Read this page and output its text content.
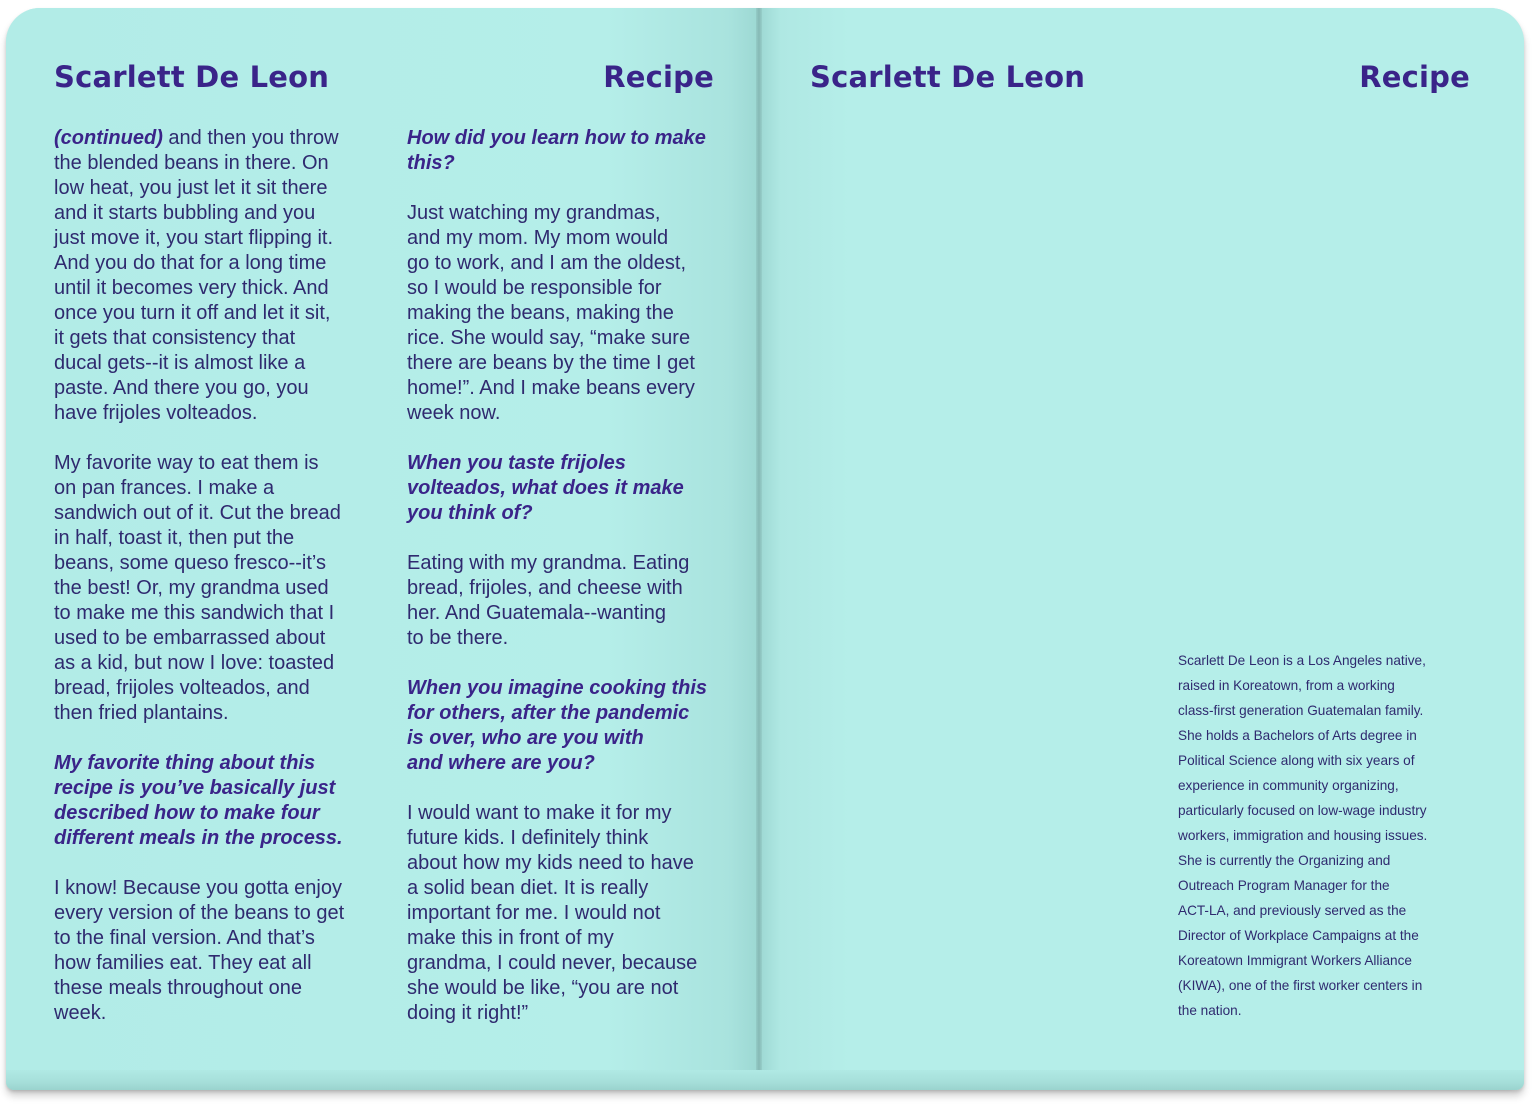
Scarlett De Leon	Recipe

(continued) and then you throw
the blended beans in there. On
low heat, you just let it sit there
and it starts bubbling and you
just move it, you start flipping it.
And you do that for a long time
until it becomes very thick. And
once you turn it off and let it sit,
it gets that consistency that
ducal gets--it is almost like a
paste. And there you go, you
have frijoles volteados.

My favorite way to eat them is
on pan frances. I make a
sandwich out of it. Cut the bread
in half, toast it, then put the
beans, some queso fresco--it’s
the best! Or, my grandma used
to make me this sandwich that I
used to be embarrassed about
as a kid, but now I love: toasted
bread, frijoles volteados, and
then fried plantains.

My favorite thing about this
recipe is you’ve basically just
described how to make four
different meals in the process.

I know! Because you gotta enjoy
every version of the beans to get
to the final version. And that’s
how families eat. They eat all
these meals throughout one
week.

How did you learn how to make
this?

Just watching my grandmas,
and my mom. My mom would
go to work, and I am the oldest,
so I would be responsible for
making the beans, making the
rice. She would say, “make sure
there are beans by the time I get
home!”. And I make beans every
week now.

When you taste frijoles
volteados, what does it make
you think of?

Eating with my grandma. Eating
bread, frijoles, and cheese with
her. And Guatemala--wanting
to be there.

When you imagine cooking this
for others, after the pandemic
is over, who are you with
and where are you?

I would want to make it for my
future kids. I definitely think
about how my kids need to have
a solid bean diet. It is really
important for me. I would not
make this in front of my
grandma, I could never, because
she would be like, “you are not
doing it right!”

Scarlett De Leon	Recipe
Scarlett De Leon is a Los Angeles native,
raised in Koreatown, from a working
class-first generation Guatemalan family.
She holds a Bachelors of Arts degree in
Political Science along with six years of
experience in community organizing,
particularly focused on low-wage industry
workers, immigration and housing issues.
She is currently the Organizing and
Outreach Program Manager for the
ACT-LA, and previously served as the
Director of Workplace Campaigns at the
Koreatown Immigrant Workers Alliance
(KIWA), one of the first worker centers in
the nation.
